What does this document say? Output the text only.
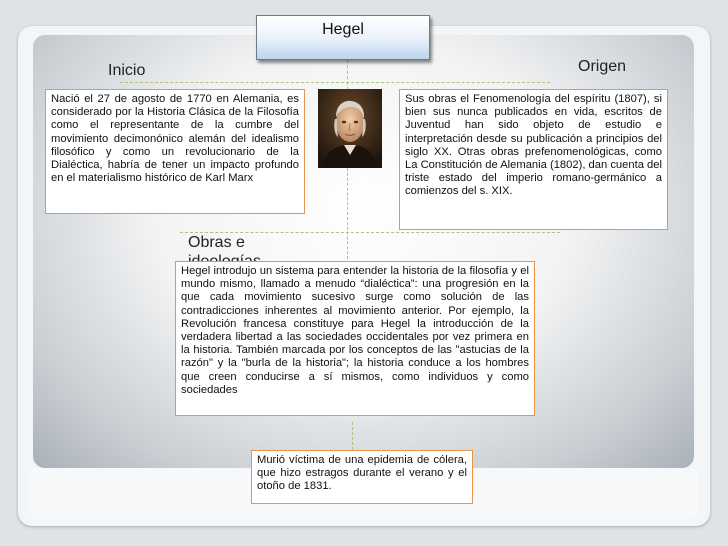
Hegel
Inicio	Origen
Obras e
Nació el 27 de agosto de 1770 en Alemania, es considerado por la Historia Clásica de la Filosofía como el representante de la cumbre del movimiento decimonónico alemán del idealismo filosófico y como un revolucionario de la Dialéctica, habría de tener un impacto profundo en el materialismo histórico de Karl Marx
Sus obras el Fenomenología del espíritu (1807), si bien sus nunca publicados en vida, escritos de Juventud han sido objeto de estudio e interpretación desde su publicación a principios del siglo XX. Otras obras prefenomenológicas, como La Constitución de Alemania (1802), dan cuenta del triste estado del imperio romano-germánico a comienzos del s. XIX.
Hegel introdujo un sistema para entender la historia de la filosofía y el mundo mismo, llamado a menudo “dialéctica”: una progresión en la que cada movimiento sucesivo surge como solución de las contradicciones inherentes al movimiento anterior. Por ejemplo, la Revolución francesa constituye para Hegel la introducción de la verdadera libertad a las sociedades occidentales por vez primera en la historia. También marcada por los conceptos de las "astucias de la razón" y la "burla de la historia"; la historia conduce a los hombres que creen conducirse a sí mismos, como individuos y como sociedades
Murió víctima de una epidemia de cólera, que hizo estragos durante el verano y el otoño de 1831.
